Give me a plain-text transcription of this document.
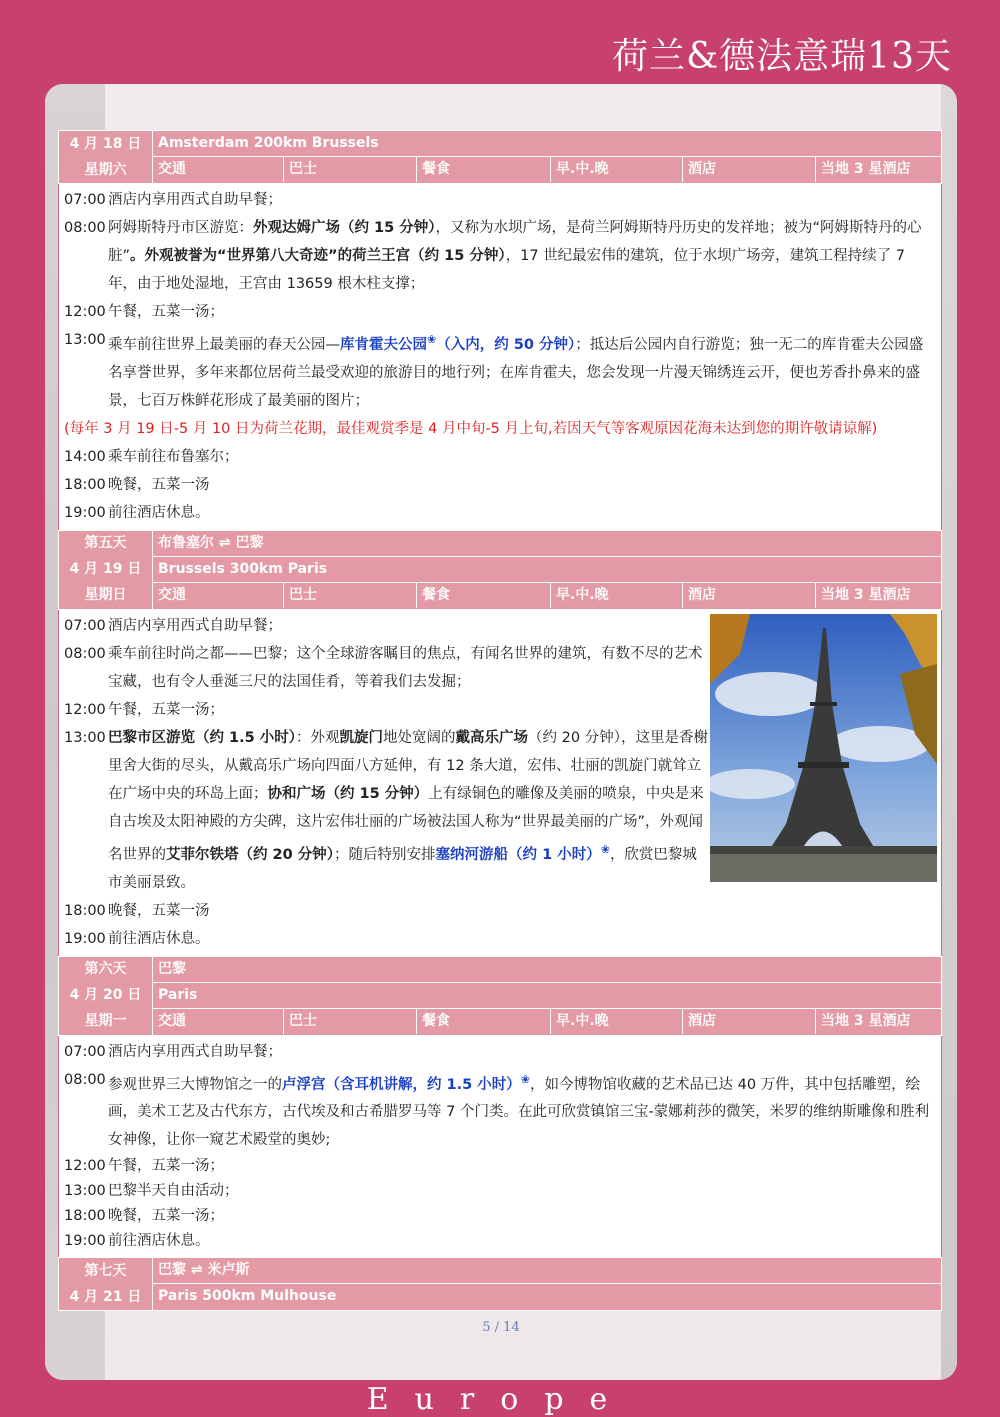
荷兰&德法意瑞13天
5 / 14
4 月 18 日
星期六
Amsterdam 200km Brussels
交通	巴士	餐食	早.中.晚	酒店	当地 3 星酒店
07:00 酒店内享用西式自助早餐；
08:00 阿姆斯特丹市区游览：外观达姆广场（约 15 分钟），又称为水坝广场，是荷兰阿姆斯特丹历史的发祥地；被为“阿姆斯特丹的心脏”。外观被誉为“世界第八大奇迹”的荷兰王宫（约 15 分钟），17 世纪最宏伟的建筑，位于水坝广场旁，建筑工程持续了 7 年，由于地处湿地，王宫由 13659 根木柱支撑；
12:00 午餐，五菜一汤；
13:00 乘车前往世界上最美丽的春天公园—库肯霍夫公园❀（入内，约 50 分钟）；抵达后公园内自行游览；独一无二的库肯霍夫公园盛名享誉世界，多年来都位居荷兰最受欢迎的旅游目的地行列；在库肯霍夫，您会发现一片漫天锦绣连云开，便也芳香扑鼻来的盛景，七百万株鲜花形成了最美丽的图片；
(每年 3 月 19 日-5 月 10 日为荷兰花期，最佳观赏季是 4 月中旬-5 月上旬,若因天气等客观原因花海未达到您的期许敬请谅解)
14:00 乘车前往布鲁塞尔；
18:00 晚餐，五菜一汤
19:00 前往酒店休息。
第五天
4 月 19 日
星期日
布鲁塞尔 ⇌ 巴黎
Brussels 300km Paris
交通	巴士	餐食	早.中.晚	酒店	当地 3 星酒店
07:00 酒店内享用西式自助早餐；
08:00 乘车前往时尚之都——巴黎；这个全球游客瞩目的焦点，有闻名世界的建筑，有数不尽的艺术宝藏，也有令人垂涎三尺的法国佳肴，等着我们去发掘；
12:00 午餐，五菜一汤；
13:00 巴黎市区游览（约 1.5 小时）：外观凯旋门地处宽阔的戴高乐广场（约 20 分钟），这里是香榭里舍大街的尽头，从戴高乐广场向四面八方延伸，有 12 条大道，宏伟、壮丽的凯旋门就耸立在广场中央的环岛上面；协和广场（约 15 分钟）上有绿铜色的雕像及美丽的喷泉，中央是来自古埃及太阳神殿的方尖碑，这片宏伟壮丽的广场被法国人称为“世界最美丽的广场”，外观闻名世界的艾菲尔铁塔（约 20 分钟）；随后特别安排塞纳河游船（约 1 小时）❀，欣赏巴黎城市美丽景致。
18:00 晚餐，五菜一汤
19:00 前往酒店休息。
第六天
4 月 20 日
星期一
巴黎
Paris
交通	巴士	餐食	早.中.晚	酒店	当地 3 星酒店
07:00 酒店内享用西式自助早餐；
08:00 参观世界三大博物馆之一的卢浮宫（含耳机讲解，约 1.5 小时）❀，如今博物馆收藏的艺术品已达 40 万件，其中包括雕塑，绘画，美术工艺及古代东方，古代埃及和古希腊罗马等 7 个门类。在此可欣赏镇馆三宝-蒙娜莉莎的微笑，米罗的维纳斯雕像和胜利女神像，让你一窥艺术殿堂的奥妙;
12:00 午餐，五菜一汤；
13:00 巴黎半天自由活动；
18:00 晚餐，五菜一汤；
19:00 前往酒店休息。
第七天
4 月 21 日
巴黎 ⇌ 米卢斯
Paris 500km Mulhouse
Europe
